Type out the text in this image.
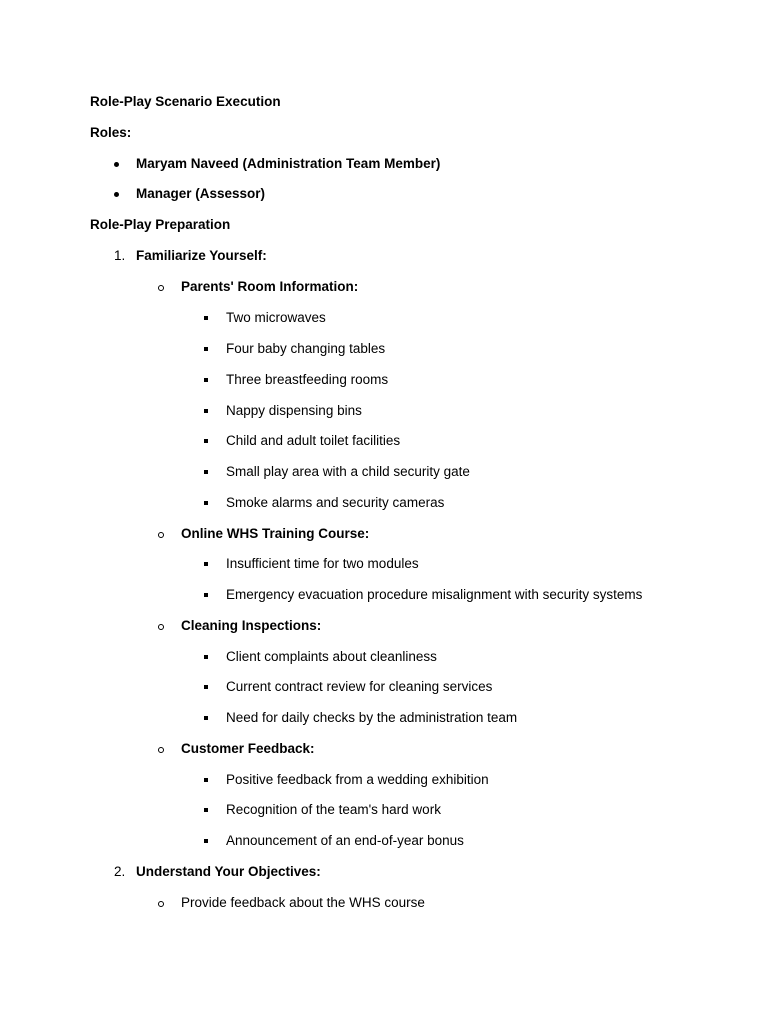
Role-Play Scenario Execution
Roles:
Maryam Naveed (Administration Team Member)
Manager (Assessor)
Role-Play Preparation
1. Familiarize Yourself:
Parents' Room Information:
Two microwaves
Four baby changing tables
Three breastfeeding rooms
Nappy dispensing bins
Child and adult toilet facilities
Small play area with a child security gate
Smoke alarms and security cameras
Online WHS Training Course:
Insufficient time for two modules
Emergency evacuation procedure misalignment with security systems
Cleaning Inspections:
Client complaints about cleanliness
Current contract review for cleaning services
Need for daily checks by the administration team
Customer Feedback:
Positive feedback from a wedding exhibition
Recognition of the team's hard work
Announcement of an end-of-year bonus
2. Understand Your Objectives:
Provide feedback about the WHS course
